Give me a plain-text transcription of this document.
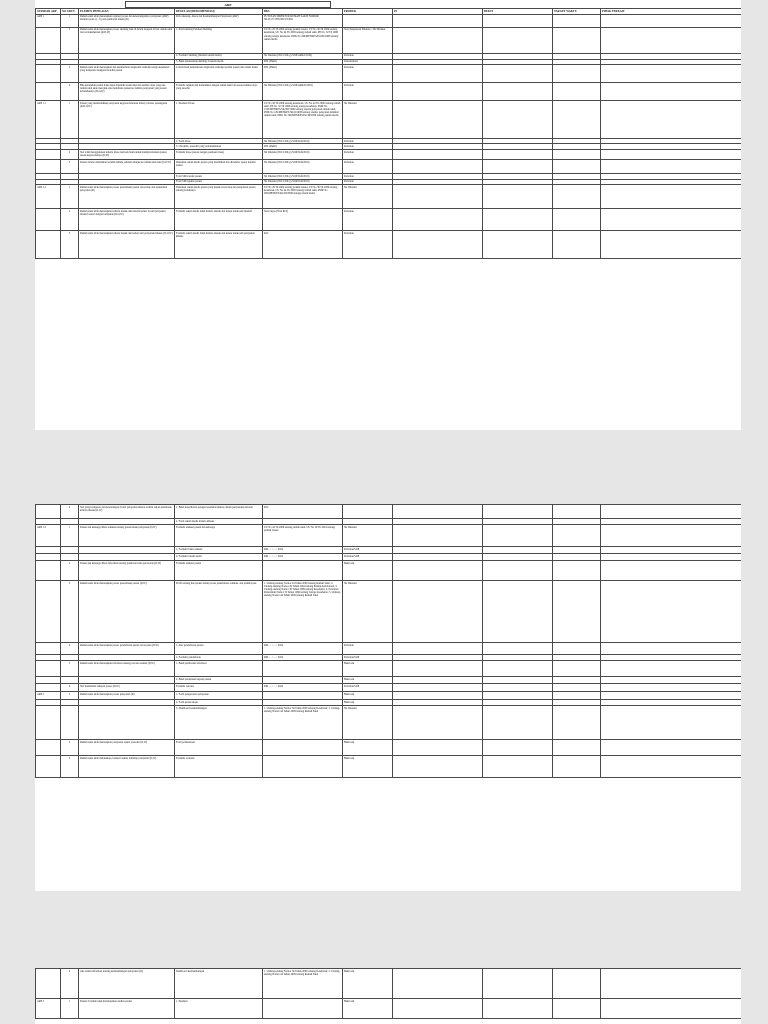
ARP
STANDAR ARP	NO URUT	ELEMEN PENILAIAN	REGULASI (REKOMENDASI)	BKS	PRODUK	PJ	BUKTI	TARGET WAKTU	PIHAK TERKAIT
ARP 1	1	Rumah sakit telah menetapkan regulasi proses dan kewenangannya pelayanan (ARP) meliputi poin a) – f) pada gambaran umum (R)	Perlu menang. Akses dan Kesinambungan Pelayanan (ARP)	PUTUSAN DIREKTUR RUMAH SAKIT NOMOR SK.01.07/1385/XII/VI/2021					
	2	Rumah sakit telah menetapkan proses skrining baik di dalam maupun di luar rumah sakit dan terdokumentasi (R,D,W)	1. Profil tentang Panduan Skrining	UU No 29 Th 2004 tentang praktik dokter, UU No 36 Th 2009 tentang kesehatan, UU No 44 Th 2009 tentang rumah sakit, PP No. 32 Th 1996 tentang tenaga kesehatan, PMK No 269/MENKES/Per/III/2008 tentang rekam medis	Surat Keputusan Direktur / SK Direktur				
			2. Formulir Skrining (Intensif rekam medis)	SK Direktur (NO/1/XII-yy/SOP/ARK/I/2019)	Pedoman				
			3. Bukti pelaksanaan skrining di rekam medis	RTL (Bukti)	Dokumentasi				
	3	Rumah sakit telah menetapkan dan memberikan diagnostik terhadap tenaga kesehatan yang kompeten mengenai kondisi pasien	Contoh hasil pemeriksaan diagnostik terhadap kondisi pasien dan rekam medis	RTL (Bukti)	Pedoman				
	4	Bila kebutuhan pasien tidak dapat dipenuhi sesuai misi dan sumber daya yang ada, rumah sakit akan merujuk atau membantu pasien ke fasilitas pelayanan yang sesuai kebutuhannya (D,O,W)	Formulir rujukan dan komunikasi dengan rumah sakit lain sesuai sumber daya yang tersedia	SK Direktur (NO/1/XII-yy/SOP/ARK/II/2019)	Pedoman				
ARP 1.1	1	Pasien yang membutuhkan pelayanan kegawatdaruratan diberi prioritas penanganan (R,D,O,W)	1. Panduan Triase	UU No 36 Th 2009 tentang kesehatan, UU No 44 Th 2009 tentang rumah sakit, PP No. 32 Th 1996 tentang tenaga kesehatan, PMK No 1333/MENKES/SK/XII/1999 tentang standar pelayanan rumah sakit, PMK No 129/MENKES/SK/II/2008 tentang standar pelayanan minimal rumah sakit, PMK No 269/MENKES/Per/III/2008 tentang rekam medis	SK Direktur				
			2. Form triase	SK Direktur (NO/1/XII-yy/SOP/IGD/2019)	Pedoman				
			3. Checklist, prosedur yang terdokumentasi	RTL (Bukti)	Pedoman				
	2	Staf telah menggunakan kriteria triase berbasis bukti untuk memprioritaskan pasien sesuai kegawatannya (D,W)	Formulir triase (sesuai dengan panduan triase)	SK Direktur (NO/1/XII-yy/SOP/IGD/2019)	Pedoman				
	3	Pasien darurat distabilkan terlebih dahulu sebelum dirujuk ke rumah sakit lain (D,O,W)	Dokumen rekam medis pasien yang distabilkan dan ditransfer sesuai kondisi pasien	SK Direktur (NO/1/XII-yy/SOP/IGD/2019)	Pedoman				
			Form SM transfer pasien	SK Direktur (NO/1/XII-yy/SOP/IGD/2019)	Pedoman				
			Form SM rujukan pasien	SK Direktur (NO/1/XII-yy/SOP/IGD/2019)	Pedoman				
ARP 1.2	1	Rumah sakit telah menetapkan proses penerimaan pasien rawat inap dan penundaan pelayanan (R)	Dokumen rekam medis pasien yang masuk rawat inap dan penjelasan pasien tentang kondisinya	UU No 29 Th 2004 tentang praktik dokter, UU No 36 Th 2009 tentang kesehatan, UU No 44 Th 2009 tentang rumah sakit, PMK No 269/MENKES/Per/III/2008 tentang rekam medis	SK Direktur				
	2	Rumah sakit telah menetapkan kriteria masuk dan kriteria keluar di unit pelayanan intensif sesuai dengan kebijakan (D,O,W)	Formulir rekam medis bukti kriteria masuk dan keluar untuk unit intensif	Surat tugas (Nota RCI)	Pedoman				
	3	Rumah sakit telah menetapkan kriteria masuk dan keluar unit pelayanan khusus (D,O,W)	Formulir rekam medis bukti kriteria masuk dan keluar untuk unit pelayanan khusus	RCI	Pedoman				
	4	Staf yang kompeten dari kewenangan di unit pelayanan khusus terlibat dalam penentuan kriteria masuk (D,W)	1. Bukti keterlibatan petugas kesehatan khusus dalam penyusunan kriteria	RCI					
			2. Form rekam medis kriteria khusus						
ARP 1.3	1	Pasien dan keluarga diberi edukasi tentang perencanaan pelayanan (D,W)	Formulir edukasi pasien dan keluarga	UU No 44 Th 2009 tentang rumah sakit, UU No 29 Th 2004 tentang praktik dokter	SK Direktur				
			1. Formulir bukti edukasi	RM … / … / 2022	Pedoman/SOP				
			2. Formulir rekam medis	RM … / … / 2022	Pedoman/SOP				
	2	Pasien dan keluarga diberi informasi tentang perkiraan lama perawatan (D,W)	Formulir edukasi pasien		Bukti edu				
	3	Rumah sakit telah menetapkan proses penerimaan pasien (D,W)	Profil tentang hak pasien dalam proses penerimaan, edukasi, dan pembiayaan	1. Undang-undang Nomor 44 Tahun 2009 tentang Rumah Sakit; 2. Undang-undang Nomor 29 Tahun 2004 tentang Praktik Kedokteran; 3. Undang-undang Nomor 36 Tahun 2009 tentang Kesehatan; 4. Peraturan Pemerintah Nomor 32 Tahun 1996 tentang Tenaga Kesehatan; 5. Undang-undang Nomor 44 Tahun 2009 tentang Rumah Sakit	SK Direktur				
	4	Rumah sakit telah menetapkan proses pendaftaran pasien rawat jalan (D,W)	1. Alur pendaftaran pasien	RM … / … / 2022	Pedoman				
			2. Formulir pendaftaran	RM … / … / 2022	Pedoman/SOP				
	5	Rumah sakit telah menetapkan informasi tentang rencana asuhan (D,W)	1. Bukti pemberian informasi		Bukti edu				
			2. Bukti penjelasan kepada pasien		Bukti edu				
	6	Staf memahami tahapan proses (D,W)	Formulir rencana	RM … / … / 2022	Pedoman/SOP				
ARP 2	1	Rumah sakit telah menetapkan proses pelayanan (R)	1. Form pengawasan pelayanan		Bukti edu				
			2. Form perencanaan		Bukti edu				
			3. Dashboard kesinambungan	1. Undang-undang Nomor 36 Tahun 2009 tentang Kesehatan; 2. Undang-undang Nomor 44 Tahun 2009 tentang Rumah Sakit	SK Direktur				
	2	Rumah sakit telah menetapkan pelayanan sesuai prosedur (D,W)	Form pelaksanaan		Bukti edu				
	3	Rumah sakit telah melakukan evaluasi berkala terhadap pelayanan (D,W)	Formulir evaluasi		Bukti edu				
	4	Ada sistem informasi tentang kesinambungan pelayanan (D)	Dashboard kesinambungan	1. Undang-undang Nomor 36 Tahun 2009 tentang Kesehatan; 2. Undang-undang Nomor 44 Tahun 2009 tentang Rumah Sakit	Bukti edu				
ARP 3	1	Pasien di rumah sakit mendapatkan asuhan pasien	1. Panduan		Bukti edu				
